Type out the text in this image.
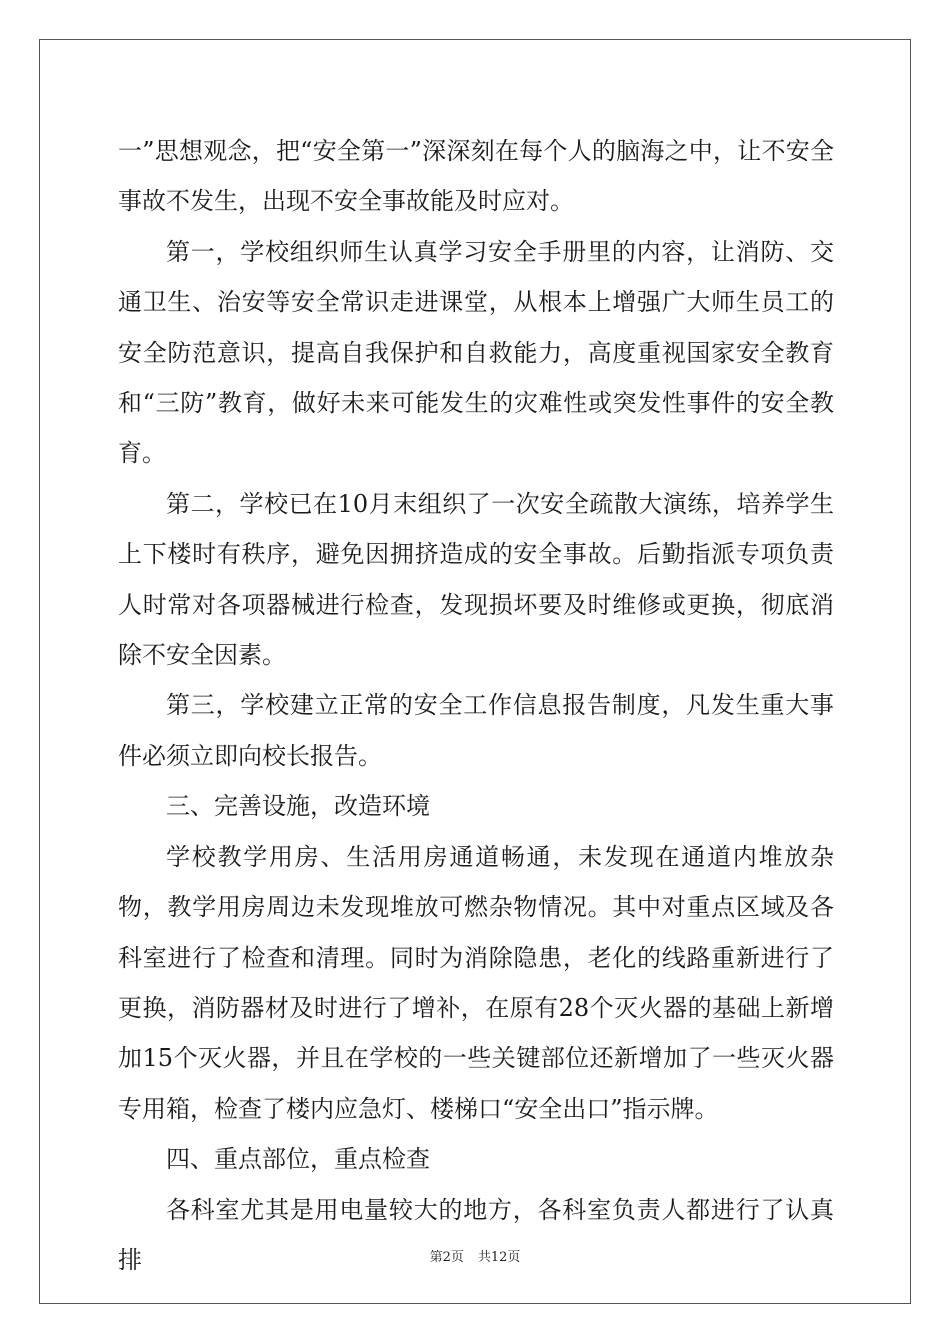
一”思想观念，把“安全第一”深深刻在每个人的脑海之中，让不安全事故不发生，出现不安全事故能及时应对。

第一，学校组织师生认真学习安全手册里的内容，让消防、交通卫生、治安等安全常识走进课堂，从根本上增强广大师生员工的安全防范意识，提高自我保护和自救能力，高度重视国家安全教育和“三防”教育，做好未来可能发生的灾难性或突发性事件的安全教育。

第二，学校已在10月末组织了一次安全疏散大演练，培养学生上下楼时有秩序，避免因拥挤造成的安全事故。后勤指派专项负责人时常对各项器械进行检查，发现损坏要及时维修或更换，彻底消除不安全因素。

第三，学校建立正常的安全工作信息报告制度，凡发生重大事件必须立即向校长报告。

三、完善设施，改造环境

学校教学用房、生活用房通道畅通，未发现在通道内堆放杂物，教学用房周边未发现堆放可燃杂物情况。其中对重点区域及各科室进行了检查和清理。同时为消除隐患，老化的线路重新进行了更换，消防器材及时进行了增补，在原有28个灭火器的基础上新增加15个灭火器，并且在学校的一些关键部位还新增加了一些灭火器专用箱，检查了楼内应急灯、楼梯口“安全出口”指示牌。

四、重点部位，重点检查

各科室尤其是用电量较大的地方，各科室负责人都进行了认真排	第2页 共12页
